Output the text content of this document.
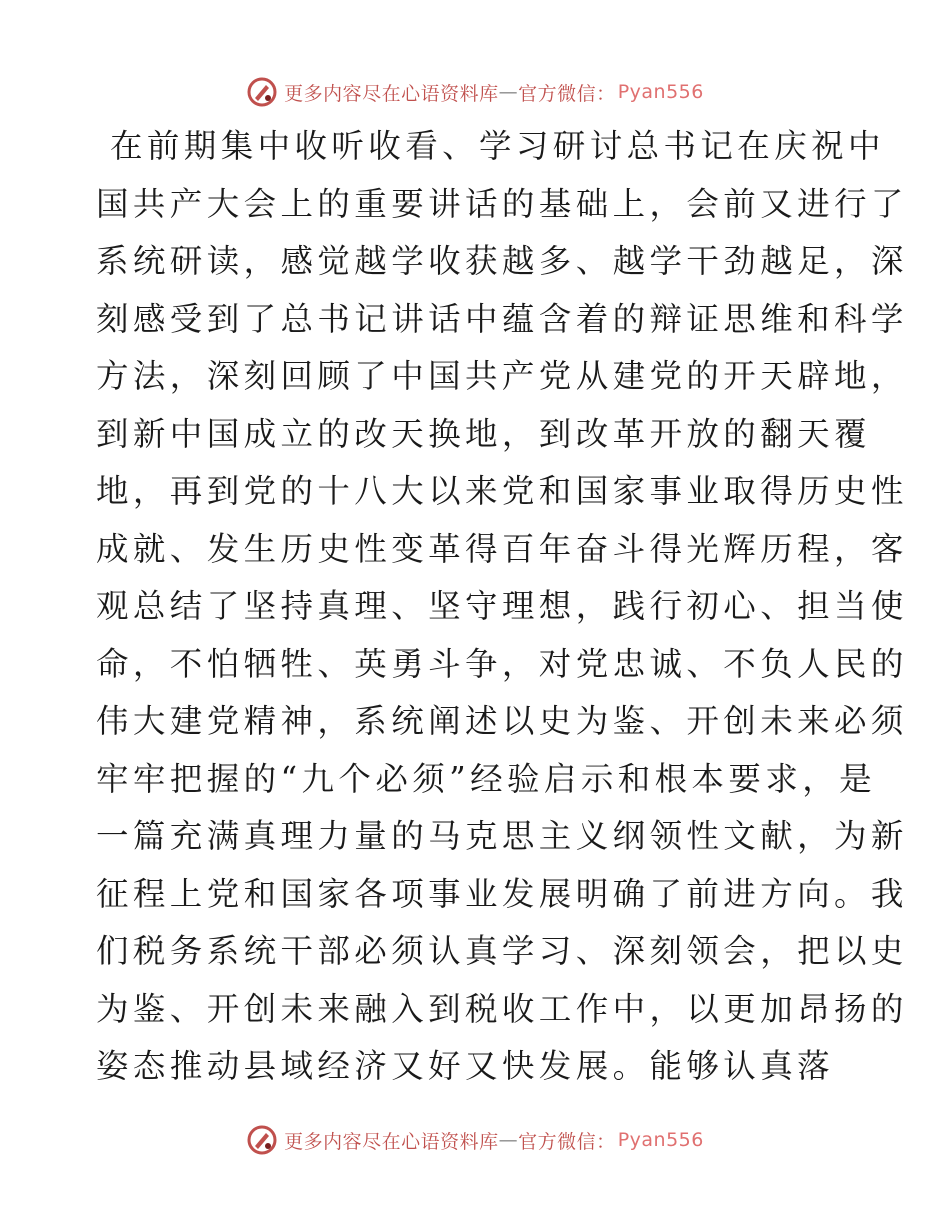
更多内容尽在心语资料库 — 官方微信： Pyan556
在前期集中收听收看、学习研讨总书记在庆祝中
国共产大会上的重要讲话的基础上，会前又进行了
系统研读，感觉越学收获越多、越学干劲越足，深
刻感受到了总书记讲话中蕴含着的辩证思维和科学
方法，深刻回顾了中国共产党从建党的开天辟地，
到新中国成立的改天换地，到改革开放的翻天覆
地，再到党的十八大以来党和国家事业取得历史性
成就、发生历史性变革得百年奋斗得光辉历程，客
观总结了坚持真理、坚守理想，践行初心、担当使
命，不怕牺牲、英勇斗争，对党忠诚、不负人民的
伟大建党精神，系统阐述以史为鉴、开创未来必须
牢牢把握的“九个必须”经验启示和根本要求，是
一篇充满真理力量的马克思主义纲领性文献，为新
征程上党和国家各项事业发展明确了前进方向。我
们税务系统干部必须认真学习、深刻领会，把以史
为鉴、开创未来融入到税收工作中，以更加昂扬的
姿态推动县域经济又好又快发展。能够认真落
更多内容尽在心语资料库 — 官方微信： Pyan556
